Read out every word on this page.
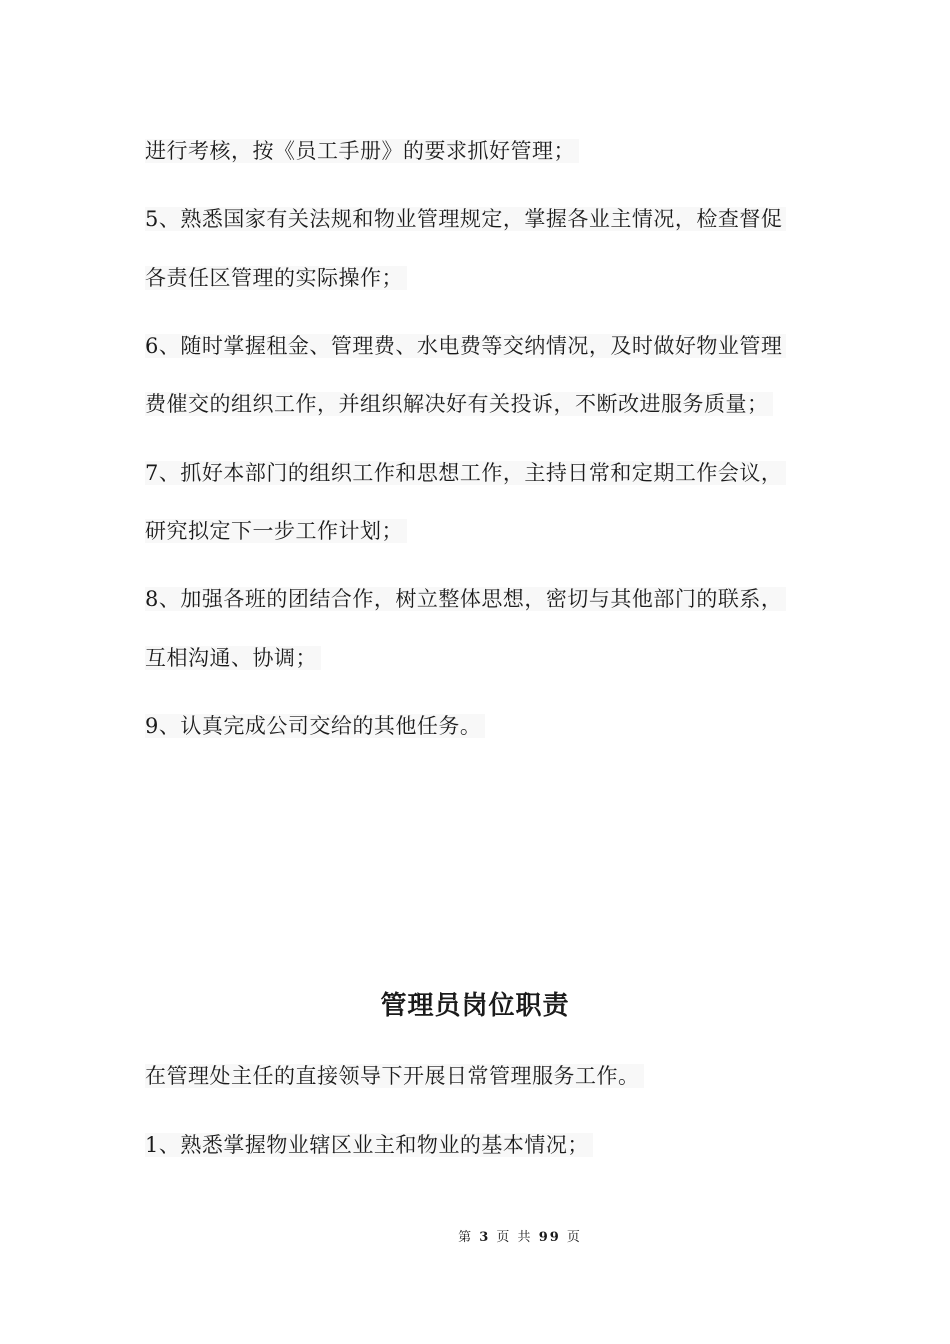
进行考核，按《员工手册》的要求抓好管理；
5、熟悉国家有关法规和物业管理规定，掌握各业主情况，检查督促
各责任区管理的实际操作；
6、随时掌握租金、管理费、水电费等交纳情况，及时做好物业管理
费催交的组织工作，并组织解决好有关投诉，不断改进服务质量；
7、抓好本部门的组织工作和思想工作，主持日常和定期工作会议，
研究拟定下一步工作计划；
8、加强各班的团结合作，树立整体思想，密切与其他部门的联系，
互相沟通、协调；
9、认真完成公司交给的其他任务。
管理员岗位职责
在管理处主任的直接领导下开展日常管理服务工作。
1、熟悉掌握物业辖区业主和物业的基本情况；
第 3 页 共 99 页
